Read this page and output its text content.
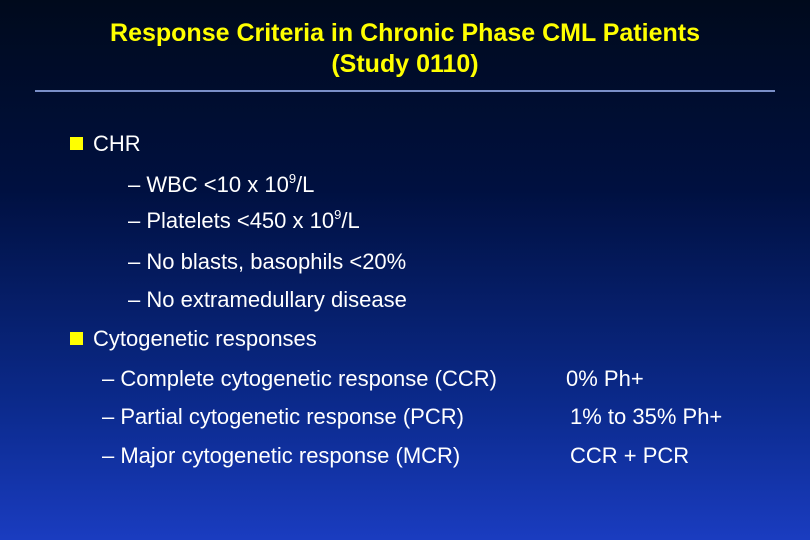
Response Criteria in Chronic Phase CML Patients
(Study 0110)
CHR
– WBC <10 x $10^9/L$
– Platelets <450 x $10^9/L$
– No blasts, basophils <20%
– No extramedullary disease
Cytogenetic responses
– Complete cytogenetic response (CCR)	0% Ph+
– Partial cytogenetic response (PCR)	1% to 35% Ph+
– Major cytogenetic response (MCR)	CCR + PCR
